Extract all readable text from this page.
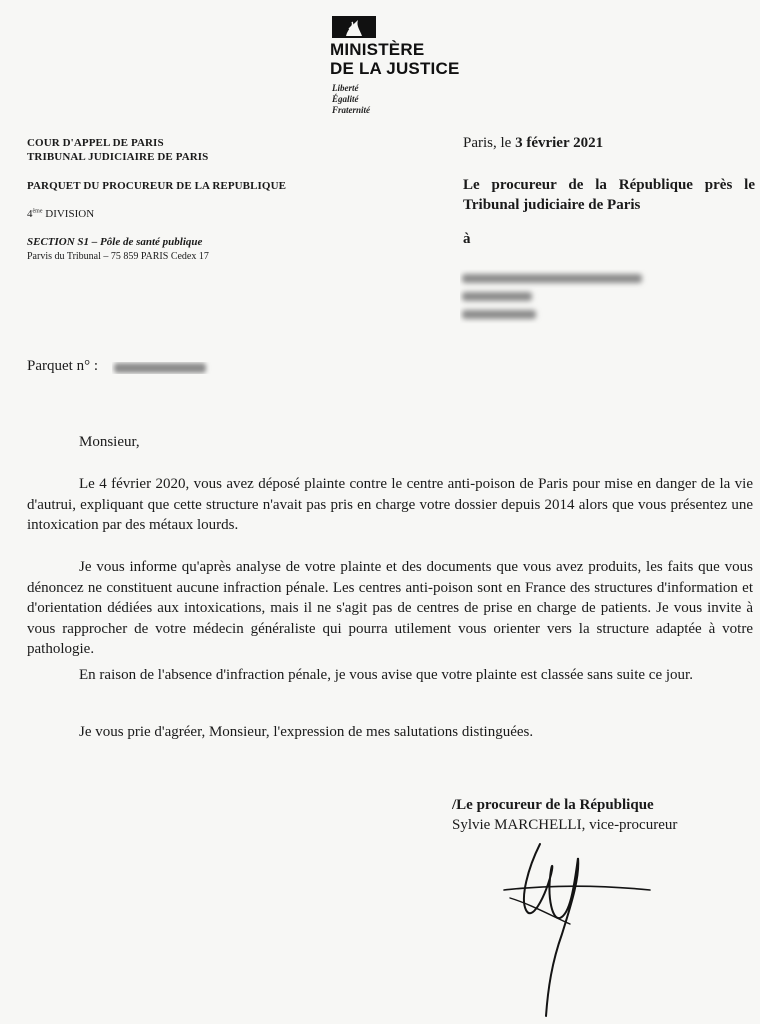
MINISTÈRE
DE LA JUSTICE
Liberté
Égalité
Fraternité
COUR D'APPEL DE PARIS
TRIBUNAL JUDICIAIRE DE PARIS
PARQUET DU PROCUREUR DE LA REPUBLIQUE
4ème DIVISION
SECTION S1 – Pôle de santé publique
Parvis du Tribunal – 75 859 PARIS Cedex 17
Paris, le 3 février 2021
Le procureur de la République près le Tribunal judiciaire de Paris
à
Parquet n° :
Monsieur,
Le 4 février 2020, vous avez déposé plainte contre le centre anti-poison de Paris pour mise en danger de la vie d'autrui, expliquant que cette structure n'avait pas pris en charge votre dossier depuis 2014 alors que vous présentez une intoxication par des métaux lourds.
Je vous informe qu'après analyse de votre plainte et des documents que vous avez produits, les faits que vous dénoncez ne constituent aucune infraction pénale. Les centres anti-poison sont en France des structures d'information et d'orientation dédiées aux intoxications, mais il ne s'agit pas de centres de prise en charge de patients. Je vous invite à vous rapprocher de votre médecin généraliste qui pourra utilement vous orienter vers la structure adaptée à votre pathologie.
En raison de l'absence d'infraction pénale, je vous avise que votre plainte est classée sans suite ce jour.
Je vous prie d'agréer, Monsieur, l'expression de mes salutations distinguées.
/Le procureur de la République
Sylvie MARCHELLI, vice-procureur
